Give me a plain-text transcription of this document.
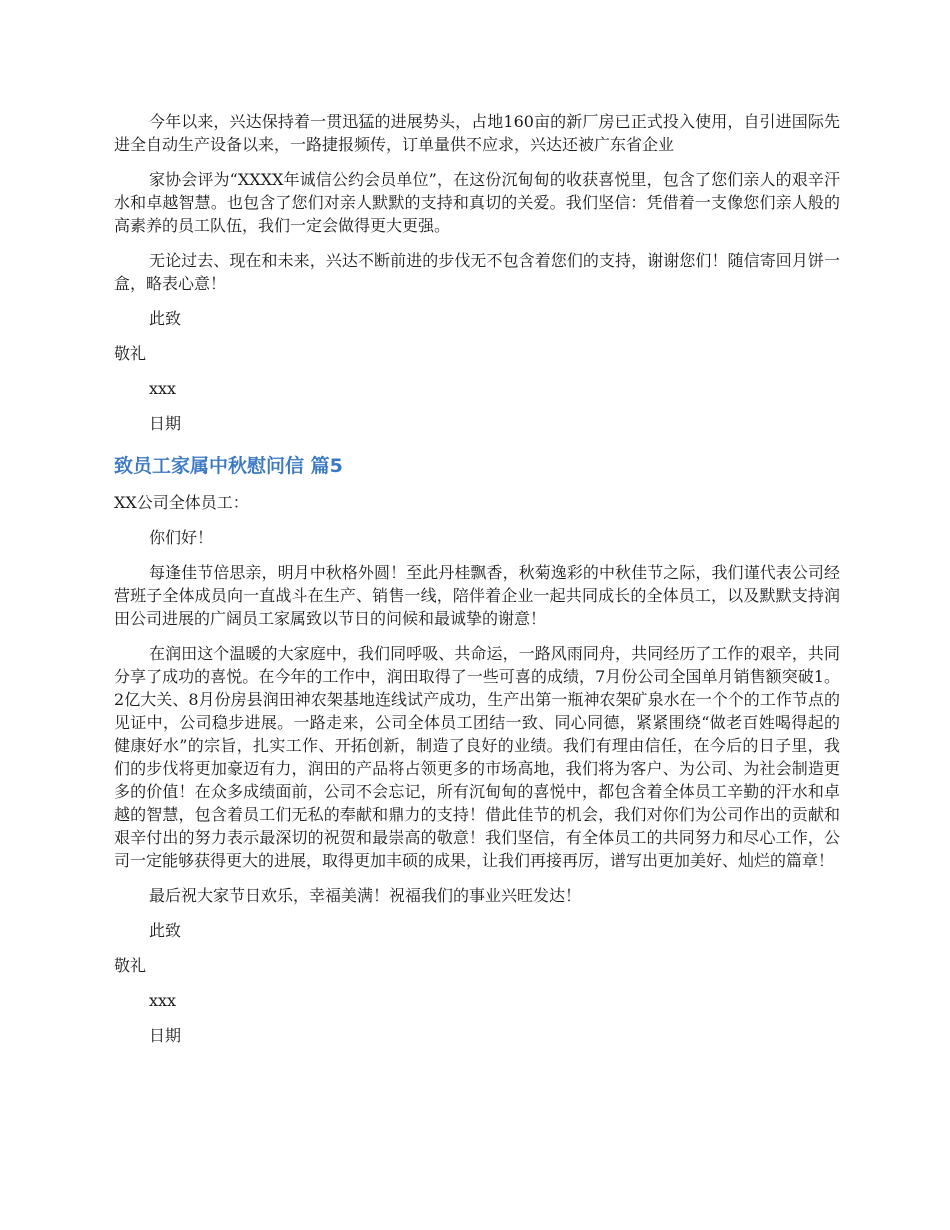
今年以来，兴达保持着一贯迅猛的进展势头，占地160亩的新厂房已正式投入使用，自引进国际先进全自动生产设备以来，一路捷报频传，订单量供不应求，兴达还被广东省企业

家协会评为“XXXX年诚信公约会员单位”，在这份沉甸甸的收获喜悦里，包含了您们亲人的艰辛汗水和卓越智慧。也包含了您们对亲人默默的支持和真切的关爱。我们坚信：凭借着一支像您们亲人般的高素养的员工队伍，我们一定会做得更大更强。

无论过去、现在和未来，兴达不断前进的步伐无不包含着您们的支持，谢谢您们！随信寄回月饼一盒，略表心意！

此致
敬礼
xxx
日期
致员工家属中秋慰问信 篇5
XX公司全体员工：
你们好！

每逢佳节倍思亲，明月中秋格外圆！至此丹桂飘香，秋菊逸彩的中秋佳节之际，我们谨代表公司经营班子全体成员向一直战斗在生产、销售一线，陪伴着企业一起共同成长的全体员工，以及默默支持润田公司进展的广阔员工家属致以节日的问候和最诚挚的谢意！

在润田这个温暖的大家庭中，我们同呼吸、共命运，一路风雨同舟，共同经历了工作的艰辛，共同分享了成功的喜悦。在今年的工作中，润田取得了一些可喜的成绩，7月份公司全国单月销售额突破1。2亿大关、8月份房县润田神农架基地连线试产成功，生产出第一瓶神农架矿泉水在一个个的工作节点的见证中，公司稳步进展。一路走来，公司全体员工团结一致、同心同德，紧紧围绕“做老百姓喝得起的健康好水”的宗旨，扎实工作、开拓创新，制造了良好的业绩。我们有理由信任，在今后的日子里，我们的步伐将更加豪迈有力，润田的产品将占领更多的市场高地，我们将为客户、为公司、为社会制造更多的价值！在众多成绩面前，公司不会忘记，所有沉甸甸的喜悦中，都包含着全体员工辛勤的汗水和卓越的智慧，包含着员工们无私的奉献和鼎力的支持！借此佳节的机会，我们对你们为公司作出的贡献和艰辛付出的努力表示最深切的祝贺和最崇高的敬意！我们坚信，有全体员工的共同努力和尽心工作，公司一定能够获得更大的进展，取得更加丰硕的成果，让我们再接再厉，谱写出更加美好、灿烂的篇章！

最后祝大家节日欢乐，幸福美满！祝福我们的事业兴旺发达！

此致
敬礼
xxx
日期
